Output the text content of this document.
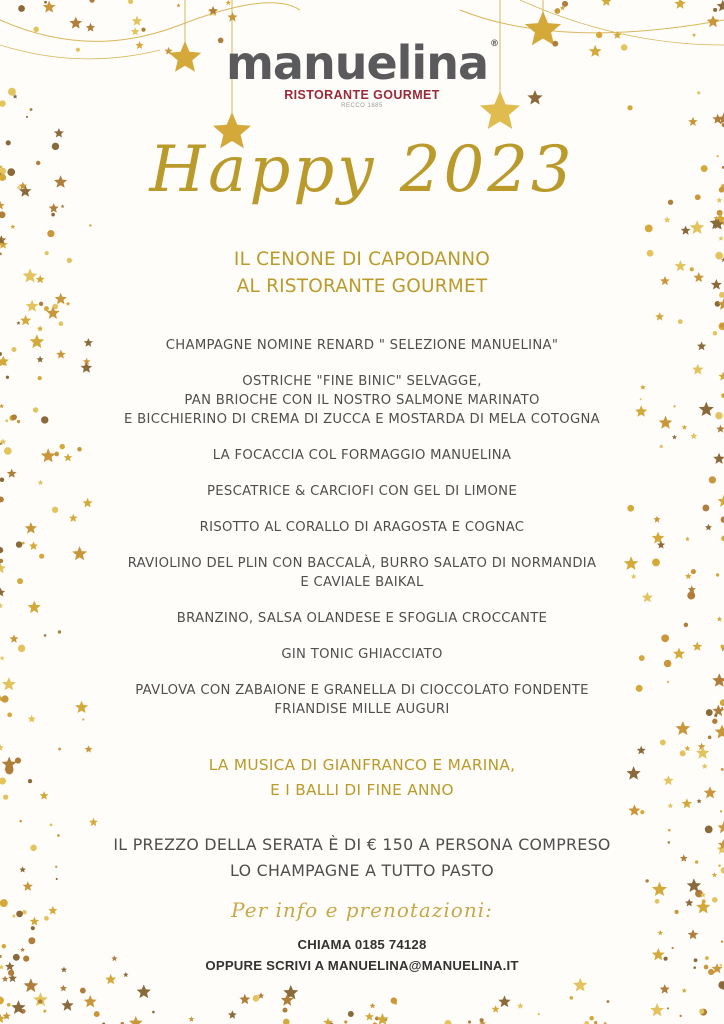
manuelina ®
RISTORANTE GOURMET
RECCO 1885
Happy 2023
IL CENONE DI CAPODANNO
AL RISTORANTE GOURMET
CHAMPAGNE NOMINE RENARD " SELEZIONE MANUELINA"
OSTRICHE "FINE BINIC" SELVAGGE,
PAN BRIOCHE CON IL NOSTRO SALMONE MARINATO
E BICCHIERINO DI CREMA DI ZUCCA E MOSTARDA DI MELA COTOGNA
LA FOCACCIA COL FORMAGGIO MANUELINA
PESCATRICE & CARCIOFI CON GEL DI LIMONE
RISOTTO AL CORALLO DI ARAGOSTA E COGNAC
RAVIOLINO DEL PLIN CON BACCALÀ, BURRO SALATO DI NORMANDIA
E CAVIALE BAIKAL
BRANZINO, SALSA OLANDESE E SFOGLIA CROCCANTE
GIN TONIC GHIACCIATO
PAVLOVA CON ZABAIONE E GRANELLA DI CIOCCOLATO FONDENTE
FRIANDISE MILLE AUGURI
LA MUSICA DI GIANFRANCO E MARINA,
E I BALLI DI FINE ANNO
IL PREZZO DELLA SERATA È DI € 150 A PERSONA COMPRESO
LO CHAMPAGNE A TUTTO PASTO
Per info e prenotazioni:
CHIAMA 0185 74128
OPPURE SCRIVI A MANUELINA@MANUELINA.IT
